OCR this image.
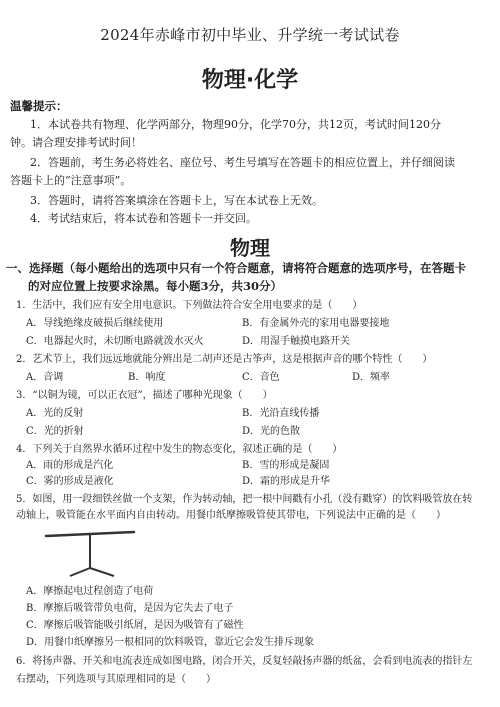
2024年赤峰市初中毕业、升学统一考试试卷
物理·化学
温馨提示：
1．本试卷共有物理、化学两部分，物理90分，化学70分，共12页，考试时间120分
钟。请合理安排考试时间！
2．答题前，考生务必将姓名、座位号、考生号填写在答题卡的相应位置上，并仔细阅读
答题卡上的“注意事项”。
3．答题时，请将答案填涂在答题卡上，写在本试卷上无效。
4．考试结束后，将本试卷和答题卡一并交回。
物理
一、选择题（每小题给出的选项中只有一个符合题意，请将符合题意的选项序号，在答题卡
的对应位置上按要求涂黑。每小题3分，共30分）
1．生活中，我们应有安全用电意识。下列做法符合安全用电要求的是（　　）
A．导线绝缘皮破损后继续使用	B．有金属外壳的家用电器要接地
C．电器起火时，未切断电路就泼水灭火	D．用湿手触摸电路开关
2．艺术节上，我们远远地就能分辨出是二胡声还是古筝声，这是根据声音的哪个特性（　　）
A．音调	B．响度	C．音色	D．频率
3．“以铜为镜，可以正衣冠”，描述了哪种光现象（　　）
A．光的反射	B．光沿直线传播
C．光的折射	D．光的色散
4．下列关于自然界水循环过程中发生的物态变化，叙述正确的是（　　）
A．雨的形成是汽化	B．雪的形成是凝固
C．雾的形成是液化	D．霜的形成是升华
5．如图，用一段细铁丝做一个支架，作为转动轴，把一根中间戳有小孔（没有戳穿）的饮料吸管放在转
动轴上，吸管能在水平面内自由转动。用餐巾纸摩擦吸管使其带电，下列说法中正确的是（　　）
A．摩擦起电过程创造了电荷
B．摩擦后吸管带负电荷，是因为它失去了电子
C．摩擦后吸管能吸引纸屑，是因为吸管有了磁性
D．用餐巾纸摩擦另一根相同的饮料吸管，靠近它会发生排斥现象
6．将扬声器、开关和电流表连成如图电路，闭合开关，反复轻敲扬声器的纸盆，会看到电流表的指针左
右摆动，下列选项与其原理相同的是（　　）
